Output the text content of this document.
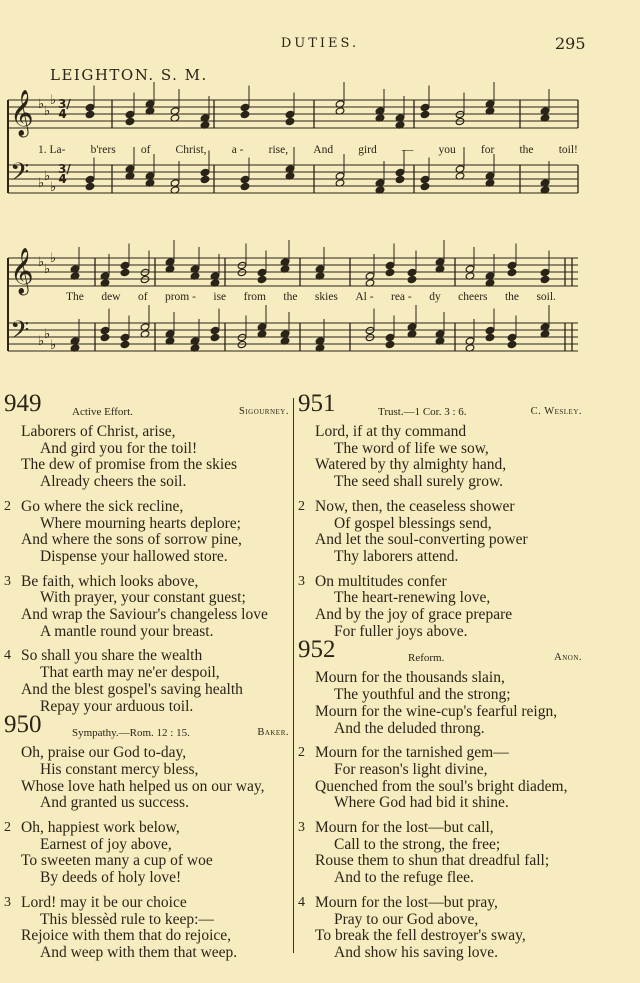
DUTIES.	295
LEIGHTON. S. M.
𝄞 ♭ ♭
♭
𝄢 ♭ ♭
♭
𝄞 ♭ ♭
♭
𝄢 ♭ ♭
♭
3/4
3/4
1. La- b'rers of Christ, a - rise, And gird — you for the toil!
The dew of prom - ise from the skies Al - rea - dy cheers the soil.
949	Active Effort.	Sigourney.
Laborers of Christ, arise,
And gird you for the toil!
The dew of promise from the skies
Already cheers the soil.
2 Go where the sick recline,
Where mourning hearts deplore;
And where the sons of sorrow pine,
Dispense your hallowed store.
3 Be faith, which looks above,
With prayer, your constant guest;
And wrap the Saviour's changeless love
A mantle round your breast.
4 So shall you share the wealth
That earth may ne'er despoil,
And the blest gospel's saving health
Repay your arduous toil.
950	Sympathy.—Rom. 12 : 15.	Baker.
Oh, praise our God to-day,
His constant mercy bless,
Whose love hath helped us on our way,
And granted us success.
2 Oh, happiest work below,
Earnest of joy above,
To sweeten many a cup of woe
By deeds of holy love!
3 Lord! may it be our choice
This blessèd rule to keep:—
Rejoice with them that do rejoice,
And weep with them that weep.
951	Trust.—1 Cor. 3 : 6.	C. Wesley.
Lord, if at thy command
The word of life we sow,
Watered by thy almighty hand,
The seed shall surely grow.
2 Now, then, the ceaseless shower
Of gospel blessings send,
And let the soul-converting power
Thy laborers attend.
3 On multitudes confer
The heart-renewing love,
And by the joy of grace prepare
For fuller joys above.
952	Reform.	Anon.
Mourn for the thousands slain,
The youthful and the strong;
Mourn for the wine-cup's fearful reign,
And the deluded throng.
2 Mourn for the tarnished gem—
For reason's light divine,
Quenched from the soul's bright diadem,
Where God had bid it shine.
3 Mourn for the lost—but call,
Call to the strong, the free;
Rouse them to shun that dreadful fall;
And to the refuge flee.
4 Mourn for the lost—but pray,
Pray to our God above,
To break the fell destroyer's sway,
And show his saving love.
